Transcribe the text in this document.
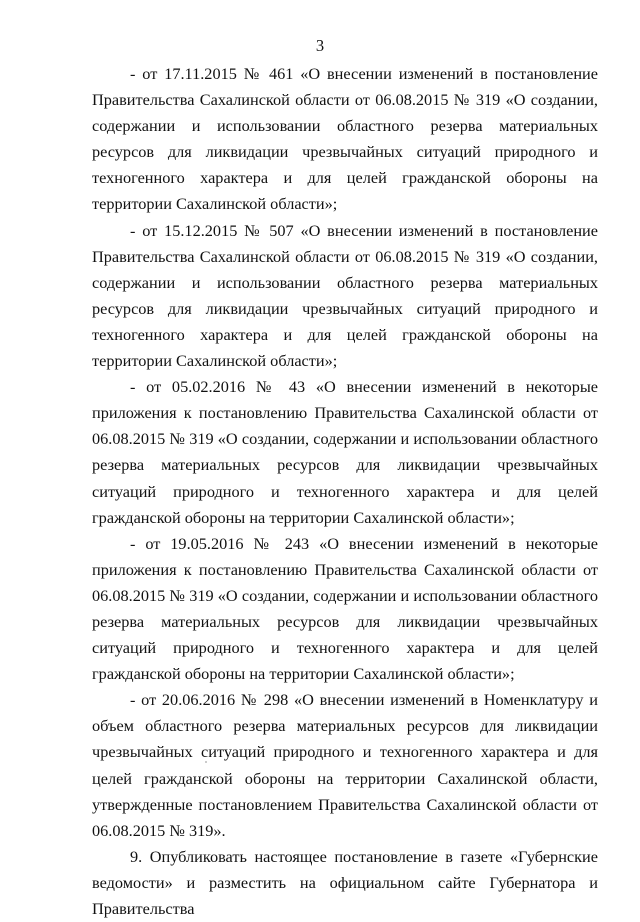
3

- от 17.11.2015 № 461 «О внесении изменений в постановление Правительства Сахалинской области от 06.08.2015 № 319 «О создании, содержании и использовании областного резерва материальных ресурсов для ликвидации чрезвычайных ситуаций природного и техногенного характера и для целей гражданской обороны на территории Сахалинской области»;

- от 15.12.2015 № 507 «О внесении изменений в постановление Правительства Сахалинской области от 06.08.2015 № 319 «О создании, содержании и использовании областного резерва материальных ресурсов для ликвидации чрезвычайных ситуаций природного и техногенного характера и для целей гражданской обороны на территории Сахалинской области»;

- от 05.02.2016 № 43 «О внесении изменений в некоторые приложения к постановлению Правительства Сахалинской области от 06.08.2015 № 319 «О создании, содержании и использовании областного резерва материальных ресурсов для ликвидации чрезвычайных ситуаций природного и техногенного характера и для целей гражданской обороны на территории Сахалинской области»;

- от 19.05.2016 № 243 «О внесении изменений в некоторые приложения к постановлению Правительства Сахалинской области от 06.08.2015 № 319 «О создании, содержании и использовании областного резерва материальных ресурсов для ликвидации чрезвычайных ситуаций природного и техногенного характера и для целей гражданской обороны на территории Сахалинской области»;

- от 20.06.2016 № 298 «О внесении изменений в Номенклатуру и объем областного резерва материальных ресурсов для ликвидации чрезвычайных ситуаций природного и техногенного характера и для целей гражданской обороны на территории Сахалинской области, утвержденные постановлением Правительства Сахалинской области от 06.08.2015 № 319».

9. Опубликовать настоящее постановление в газете «Губернские ведомости» и разместить на официальном сайте Губернатора и Правительства
